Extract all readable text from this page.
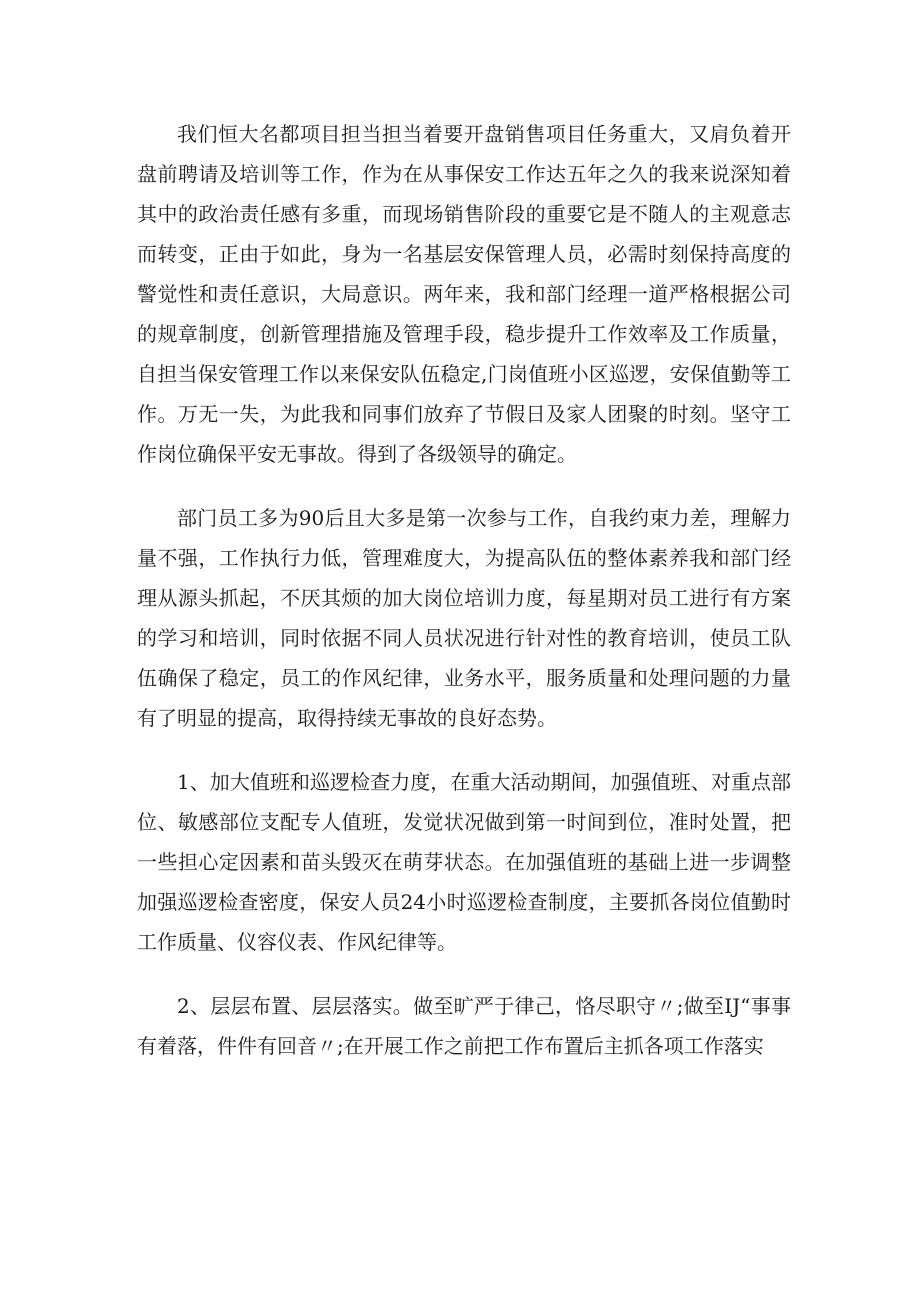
我们恒大名都项目担当担当着要开盘销售项目任务重大，又肩负着开盘前聘请及培训等工作，作为在从事保安工作达五年之久的我来说深知着其中的政治责任感有多重，而现场销售阶段的重要它是不随人的主观意志而转变，正由于如此，身为一名基层安保管理人员，必需时刻保持高度的警觉性和责任意识，大局意识。两年来，我和部门经理一道严格根据公司的规章制度，创新管理措施及管理手段，稳步提升工作效率及工作质量，自担当保安管理工作以来保安队伍稳定,门岗值班小区巡逻，安保值勤等工作。万无一失，为此我和同事们放弃了节假日及家人团聚的时刻。坚守工作岗位确保平安无事故。得到了各级领导的确定。

部门员工多为90后且大多是第一次参与工作，自我约束力差，理解力量不强，工作执行力低，管理难度大，为提高队伍的整体素养我和部门经理从源头抓起，不厌其烦的加大岗位培训力度，每星期对员工进行有方案的学习和培训，同时依据不同人员状况进行针对性的教育培训，使员工队伍确保了稳定，员工的作风纪律，业务水平，服务质量和处理问题的力量有了明显的提高，取得持续无事故的良好态势。

1、加大值班和巡逻检查力度，在重大活动期间，加强值班、对重点部位、敏感部位支配专人值班，发觉状况做到第一时间到位，准时处置，把一些担心定因素和苗头毁灭在萌芽状态。在加强值班的基础上进一步调整加强巡逻检查密度，保安人员24小时巡逻检查制度，主要抓各岗位值勤时工作质量、仪容仪表、作风纪律等。

2、层层布置、层层落实。做至旷严于律己，恪尽职守〃;做至IJ“事事有着落，件件有回音〃;在开展工作之前把工作布置后主抓各项工作落实
